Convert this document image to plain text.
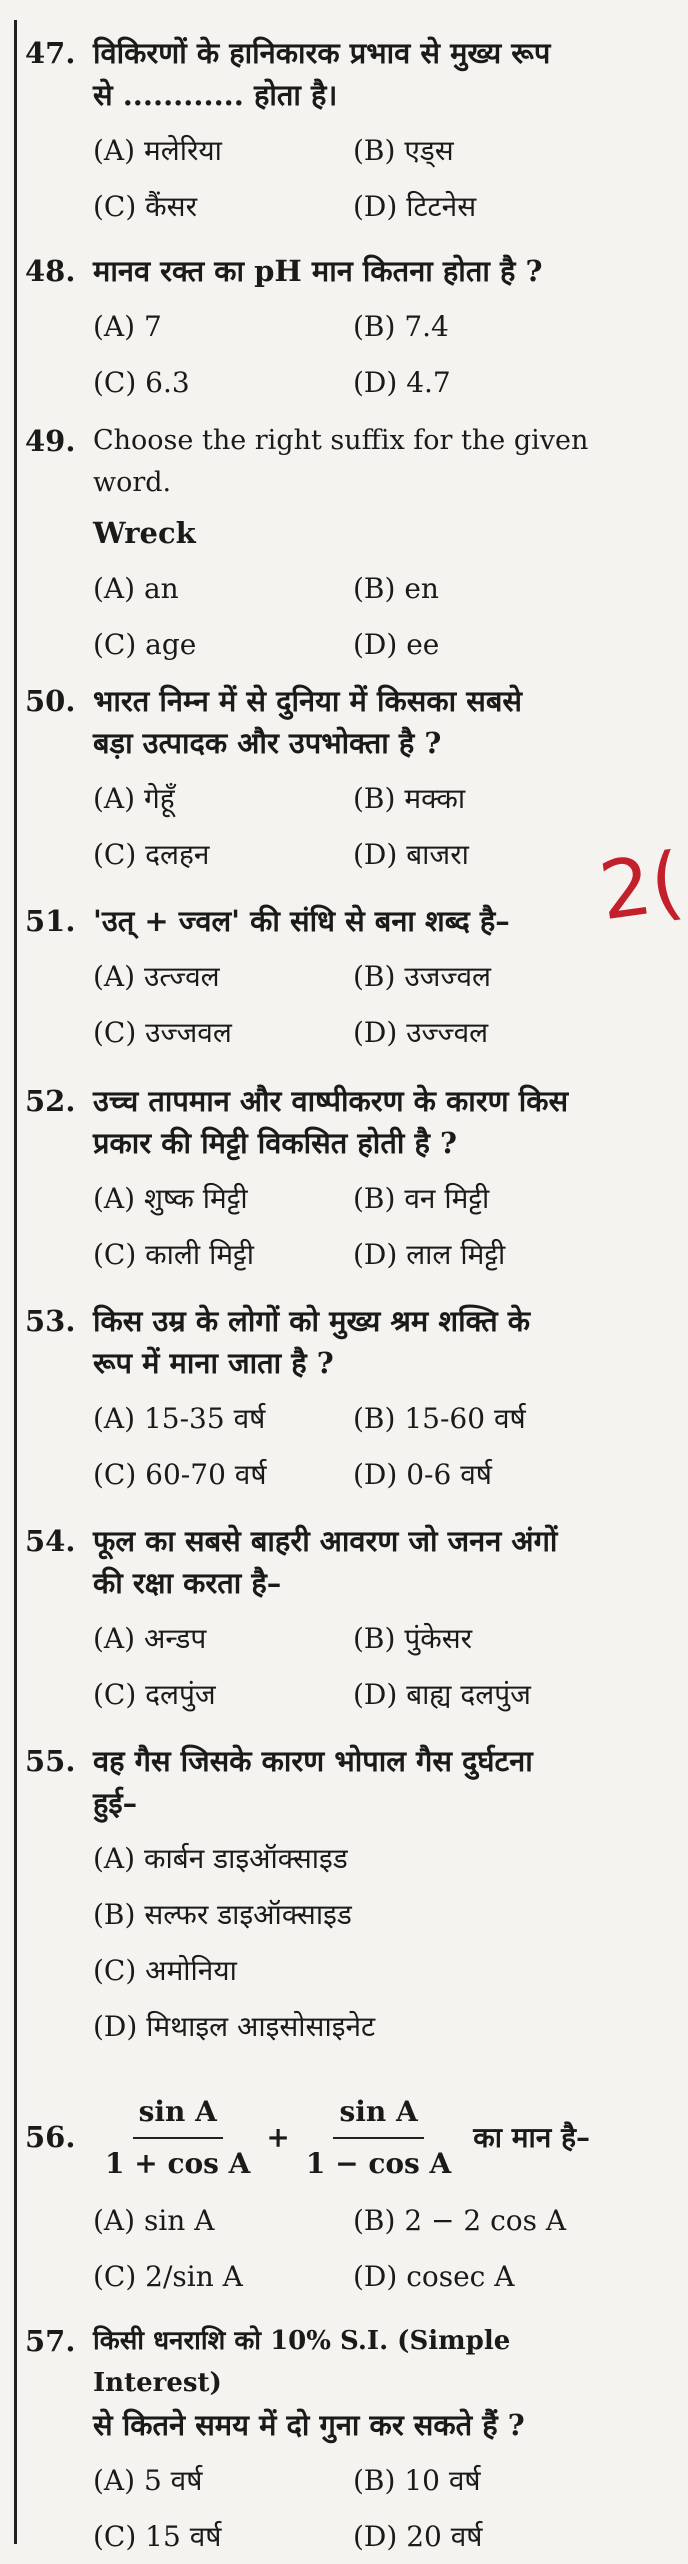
47. विकिरणों के हानिकारक प्रभाव से मुख्य रूप
से ............ होता है।
(A) मलेरिया	(B) एड्स
(C) कैंसर	(D) टिटनेस
48. मानव रक्त का pH मान कितना होता है ?
(A) 7	(B) 7.4
(C) 6.3	(D) 4.7
49. Choose the right suffix for the given
word.
Wreck
(A) an	(B) en
(C) age	(D) ee
50. भारत निम्न में से दुनिया में किसका सबसे
बड़ा उत्पादक और उपभोक्ता है ?
(A) गेहूँ	(B) मक्का
(C) दलहन	(D) बाजरा
51. 'उत् + ज्वल' की संधि से बना शब्द है–
(A) उत्ज्वल	(B) उजज्वल
(C) उज्जवल	(D) उज्ज्वल
52. उच्च तापमान और वाष्पीकरण के कारण किस
प्रकार की मिट्टी विकसित होती है ?
(A) शुष्क मिट्टी	(B) वन मिट्टी
(C) काली मिट्टी	(D) लाल मिट्टी
53. किस उम्र के लोगों को मुख्य श्रम शक्ति के
रूप में माना जाता है ?
(A) 15-35 वर्ष	(B) 15-60 वर्ष
(C) 60-70 वर्ष	(D) 0-6 वर्ष
54. फूल का सबसे बाहरी आवरण जो जनन अंगों
की रक्षा करता है–
(A) अन्डप	(B) पुंकेसर
(C) दलपुंज	(D) बाह्य दलपुंज
55. वह गैस जिसके कारण भोपाल गैस दुर्घटना
हुई–
(A) कार्बन डाइऑक्साइड
(B) सल्फर डाइऑक्साइड
(C) अमोनिया
(D) मिथाइल आइसोसाइनेट
56. $\frac{\text{sin A}}{\text{1 + cos A}} + \frac{\text{sin A}}{\text{1 − cos A}}$ का मान है–
(A) sin A	(B) 2 − 2 cos A
(C) 2/sin A	(D) cosec A
57. किसी धनराशि को 10% S.I. (Simple Interest)
से कितने समय में दो गुना कर सकते हैं ?
(A) 5 वर्ष	(B) 10 वर्ष
(C) 15 वर्ष	(D) 20 वर्ष
2(
